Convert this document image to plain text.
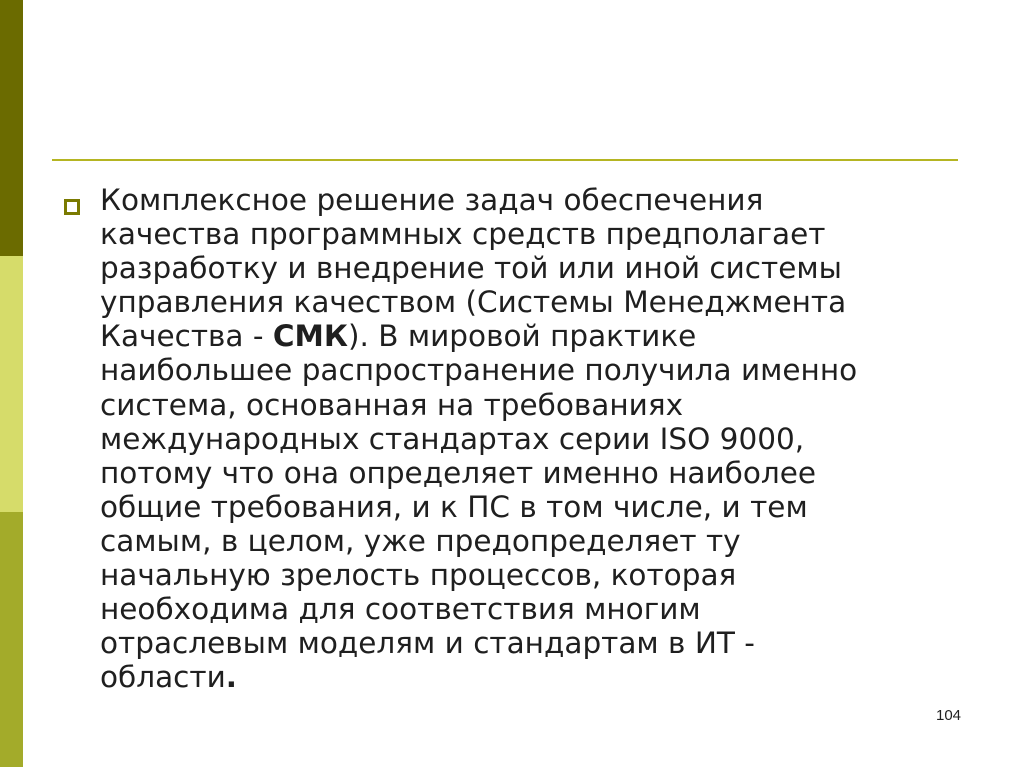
Комплексное решение задач обеспечения
качества программных средств предполагает
разработку и внедрение той или иной системы
управления качеством (Системы Менеджмента
Качества - СМК). В мировой практике
наибольшее распространение получила именно
система, основанная на требованиях
международных стандартах серии ISO 9000,
потому что она определяет именно наиболее
общие требования, и к ПС в том числе, и тем
самым, в целом, уже предопределяет ту
начальную зрелость процессов, которая
необходима для соответствия многим
отраслевым моделям и стандартам в ИТ -
области.
104
